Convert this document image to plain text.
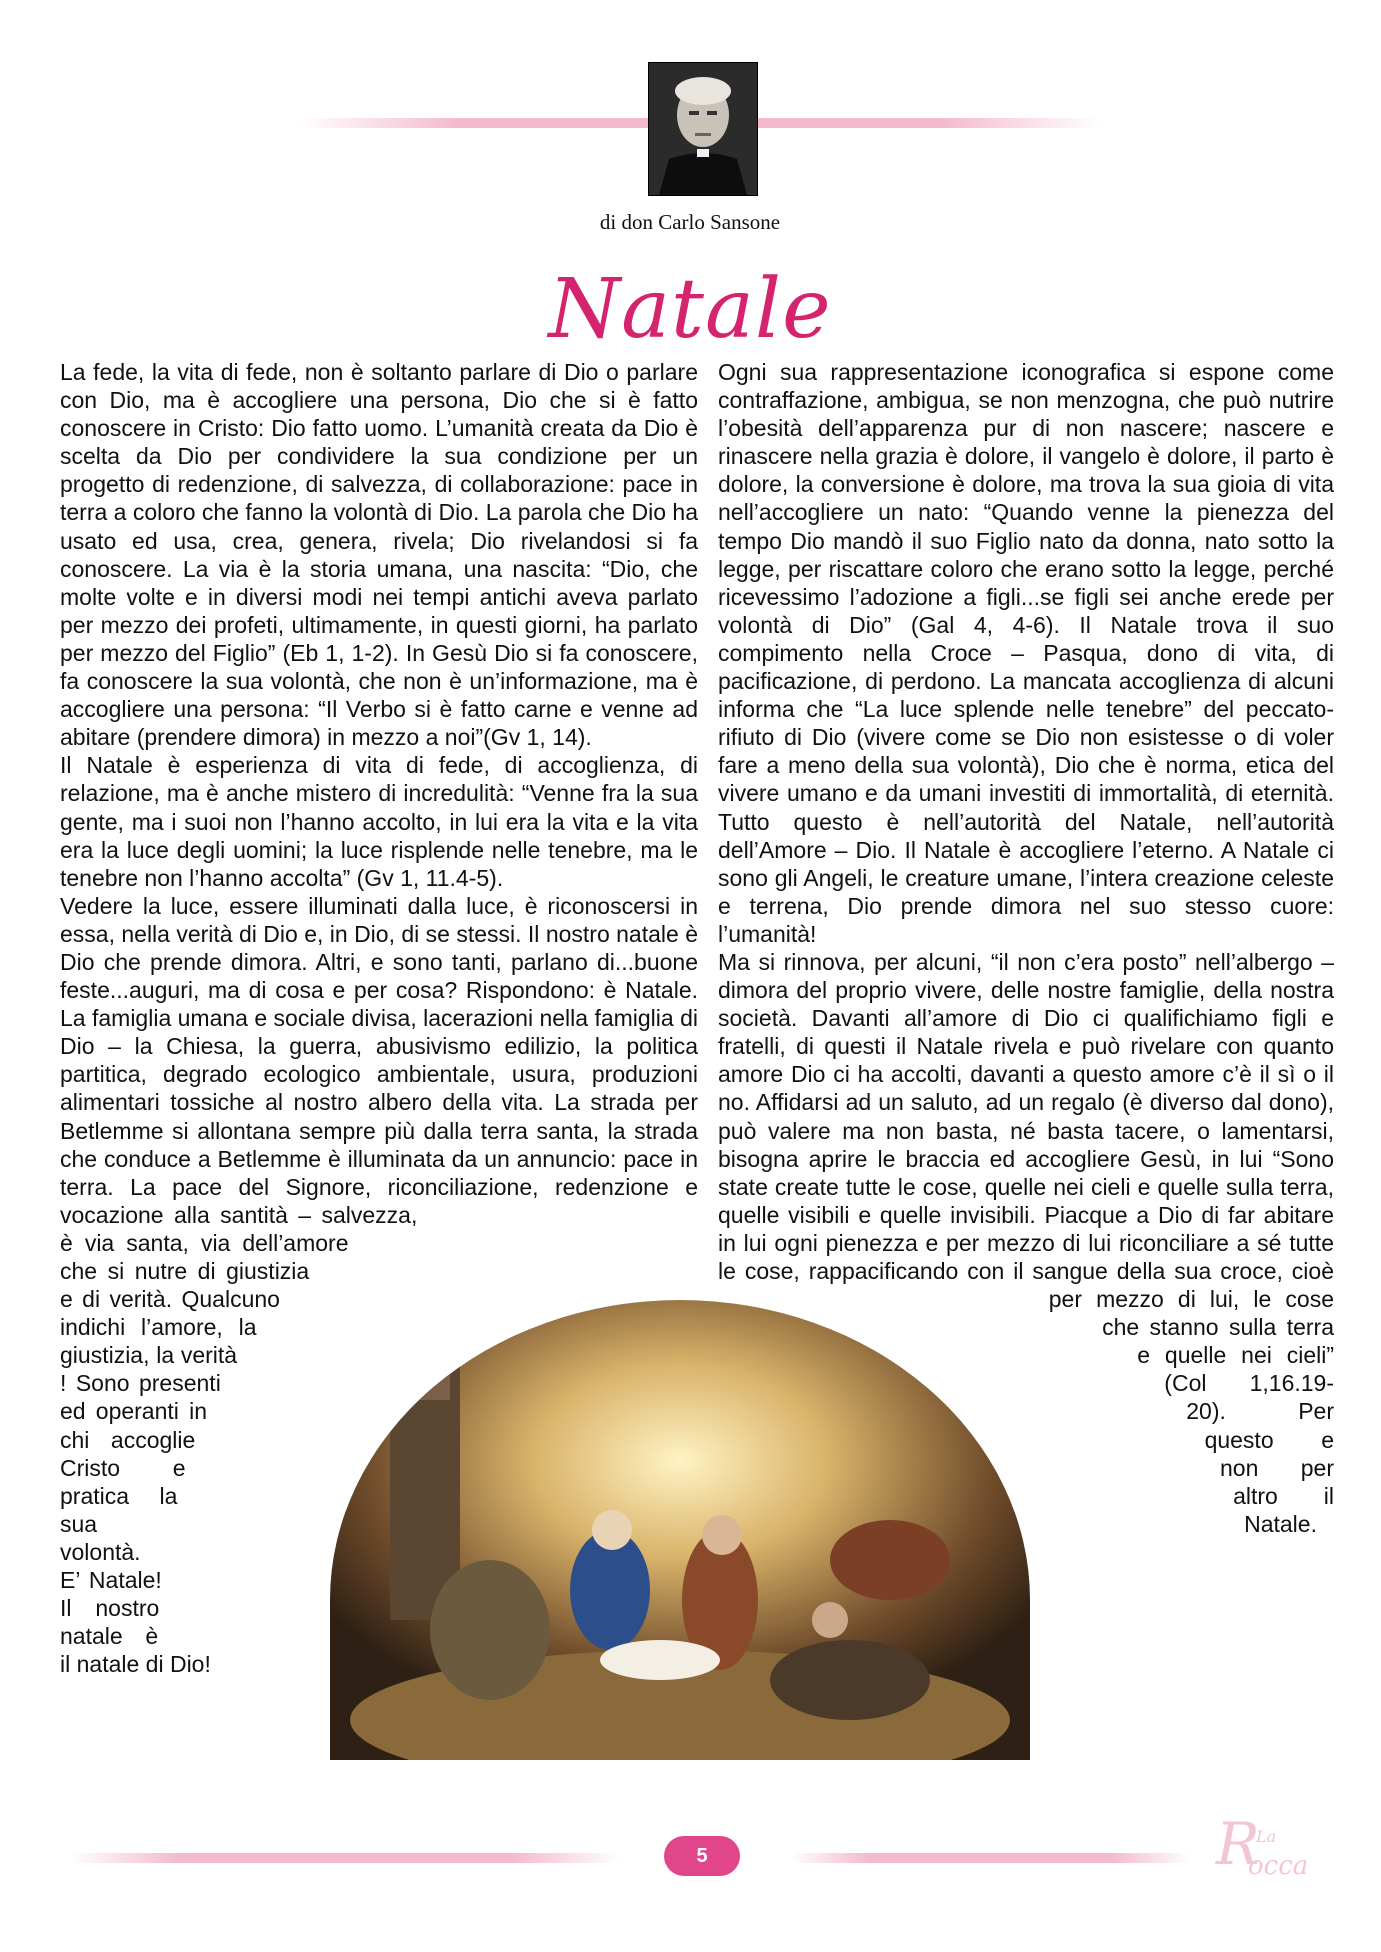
di don Carlo Sansone
Natale

La fede, la vita di fede, non è soltanto parlare di Dio o parlare con Dio, ma è accogliere una persona, Dio che si è fatto conoscere in Cristo: Dio fatto uomo. L’umanità creata da Dio è scelta da Dio per condividere la sua condizione per un progetto di redenzione, di salvezza, di collaborazione: pace in terra a coloro che fanno la volontà di Dio. La parola che Dio ha usato ed usa, crea, genera, rivela; Dio rivelandosi si fa conoscere. La via è la storia umana, una nascita: “Dio, che molte volte e in diversi modi nei tempi antichi aveva parlato per mezzo dei profeti, ultimamente, in questi giorni, ha parlato per mezzo del Figlio” (Eb 1, 1-2). In Gesù Dio si fa conoscere, fa conoscere la sua volontà, che non è un’informazione, ma è accogliere una persona: “Il Verbo si è fatto carne e venne ad abitare (prendere dimora) in mezzo a noi”(Gv 1, 14).

Il Natale è esperienza di vita di fede, di accoglienza, di relazione, ma è anche mistero di incredulità: “Venne fra la sua gente, ma i suoi non l’hanno accolto, in lui era la vita e la vita era la luce degli uomini; la luce risplende nelle tenebre, ma le tenebre non l’hanno accolta” (Gv 1, 11.4-5).

Vedere la luce, essere illuminati dalla luce, è riconoscersi in essa, nella verità di Dio e, in Dio, di se stessi. Il nostro natale è Dio che prende dimora. Altri, e sono tanti, parlano di...buone feste...auguri, ma di cosa e per cosa? Rispondono: è Natale. La famiglia umana e sociale divisa, lacerazioni nella famiglia di Dio – la Chiesa, la guerra, abusivismo edilizio, la politica partitica, degrado ecologico ambientale, usura, produzioni alimentari tossiche al nostro albero della vita. La strada per Betlemme si allontana sempre più dalla terra santa, la strada che conduce a Betlemme è illuminata da un annuncio: pace in terra. La pace del Signore, riconciliazione, redenzione e vocazione alla santità – salvezza, è via santa, via dell’amore che si nutre di giustizia e di verità. Qualcuno indichi l’amore, la giustizia, la verità ! Sono presenti ed operanti in chi accoglie Cristo e pratica la sua volontà. E’ Natale! Il nostro natale è il natale di Dio!

Ogni sua rappresentazione iconografica si espone come contraffazione, ambigua, se non menzogna, che può nutrire l’obesità dell’apparenza pur di non nascere; nascere e rinascere nella grazia è dolore, il vangelo è dolore, il parto è dolore, la conversione è dolore, ma trova la sua gioia di vita nell’accogliere un nato: “Quando venne la pienezza del tempo Dio mandò il suo Figlio nato da donna, nato sotto la legge, per riscattare coloro che erano sotto la legge, perché ricevessimo l’adozione a figli...se figli sei anche erede per volontà di Dio” (Gal 4, 4-6). Il Natale trova il suo compimento nella Croce – Pasqua, dono di vita, di pacificazione, di perdono. La mancata accoglienza di alcuni informa che “La luce splende nelle tenebre” del peccato-rifiuto di Dio (vivere come se Dio non esistesse o di voler fare a meno della sua volontà), Dio che è norma, etica del vivere umano e da umani investiti di immortalità, di eternità. Tutto questo è nell’autorità del Natale, nell’autorità dell’Amore – Dio. Il Natale è accogliere l’eterno. A Natale ci sono gli Angeli, le creature umane, l’intera creazione celeste e terrena, Dio prende dimora nel suo stesso cuore: l’umanità!

Ma si rinnova, per alcuni, “il non c’era posto” nell’albergo – dimora del proprio vivere, delle nostre famiglie, della nostra società. Davanti all’amore di Dio ci qualifichiamo figli e fratelli, di questi il Natale rivela e può rivelare con quanto amore Dio ci ha accolti, davanti a questo amore c’è il sì o il no. Affidarsi ad un saluto, ad un regalo (è diverso dal dono), può valere ma non basta, né basta tacere, o lamentarsi, bisogna aprire le braccia ed accogliere Gesù, in lui “Sono state create tutte le cose, quelle nei cieli e quelle sulla terra, quelle visibili e quelle invisibili. Piacque a Dio di far abitare in lui ogni pienezza e per mezzo di lui riconciliare a sé tutte le cose, rappacificando con il sangue della sua croce, cioè per mezzo di lui, le cose che stanno sulla terra e quelle nei cieli” (Col 1,16.19-20). Per questo e non per altro il Natale.

5	R
La
occa
